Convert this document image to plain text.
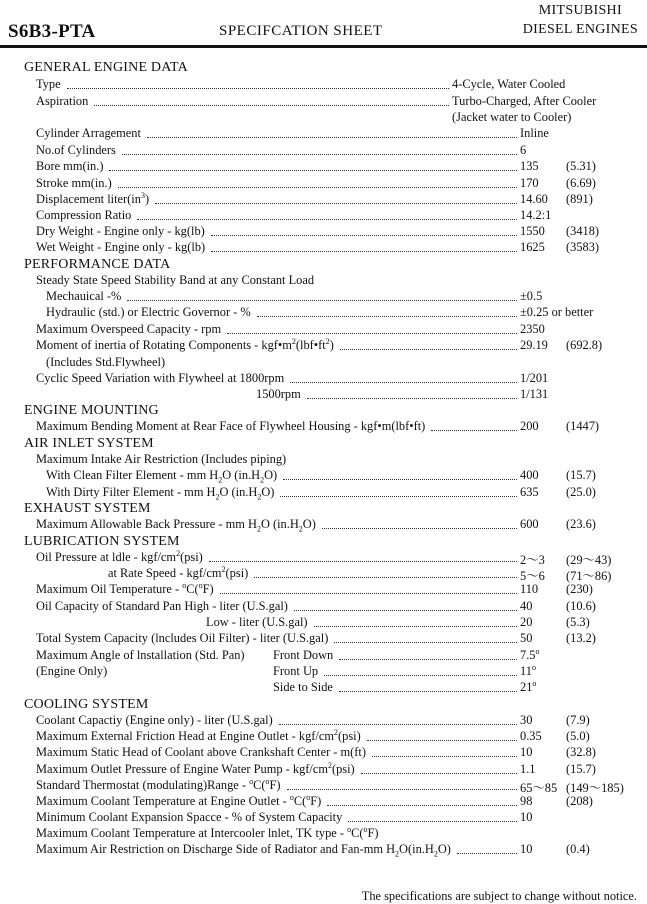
S6B3-PTA	SPECIFCATION SHEET
MITSUBISHI
DIESEL ENGINES
GENERAL ENGINE DATA
Type	4-Cycle, Water Cooled
Aspiration	Turbo-Charged, After Cooler
(Jacket water to Cooler)
Cylinder Arragement	Inline
No.of Cylinders	6
Bore mm(in.)	135 (5.31)
Stroke mm(in.)	170 (6.69)
Displacement $liter(in^3)$	14.60 (891)
Compression Ratio	14.2:1
Dry Weight - Engine only - kg(lb)	1550 (3418)
Wet Weight - Engine only - kg(lb)	1625 (3583)
PERFORMANCE DATA
Steady State Speed Stability Band at any Constant Load
Mechauical -%	±0.5
Hydraulic (std.) or Electric Governor - %	±0.25 or better
Maximum Overspeed Capacity - rpm	2350
Moment of inertia of Rotating Components - $kgf•m^2(lbf•ft^2)$	29.19 (692.8)
(Includes Std.Flywheel)
Cyclic Speed Variation with Flywheel at 1800rpm	1/201
1500rpm	1/131
ENGINE MOUNTING
Maximum Bending Moment at Rear Face of Flywheel Housing - kgf•m(lbf•ft)	200 (1447)
AIR INLET SYSTEM
Maximum Intake Air Restriction (Includes piping)
With Clean Filter Element - mm $H_2O$ $(in.H_2O)$	400 (15.7)
With Dirty Filter Element - mm $H_2O$ $(in.H_2O)$	635 (25.0)
EXHAUST SYSTEM
Maximum Allowable Back Pressure - mm $H_2O$ $(in.H_2O)$	600 (23.6)
LUBRICATION SYSTEM
Oil Pressure at ldle - kgf/$cm^2(psi)$	2～3 (29～43)
at Rate Speed - kgf/$cm^2(psi)$	5～6 (71～86)
Maximum Oil Temperature - $^o$C($^o$F)	110 (230)
Oil Capacity of Standard Pan High - liter (U.S.gal)	40	(10.6)
Low - liter (U.S.gal)	20	(5.3)
Total System Capacity (lncludes Oil Filter) - liter (U.S.gal)	50	(13.2)
Maximum Angle of lnstallation (Std. Pan) Front Down	7.5$^o$
(Engine Only)	Front Up	11$^o$
Side to Side	21$^o$
COOLING SYSTEM
Coolant Capactiy (Engine only) - liter (U.S.gal)	30	(7.9)
Maximum External Friction Head at Engine Outlet - kgf/$cm^2(psi)$	0.35 (5.0)
Maximum Static Head of Coolant above Crankshaft Center - m(ft)	10	(32.8)
Maximum Outlet Pressure of Engine Water Pump - kgf/$cm^2(psi)$	1.1 (15.7)
Standard Thermostat (modulating)Range - $^o$C($^o$F)	65～85 (149～185)
Maximum Coolant Temperature at Engine Outlet - $^o$C($^o$F)	98	(208)
Minimum Coolant Expansion Spacce - % of System Capacity	10
Maximum Coolant Temperature at Intercooler lnlet, TK type - $^o$C($^o$F)
Maximum Air Restriction on Discharge Side of Radiator and Fan-mm $H_2O(in.H_2O)$	10	(0.4)
The specifications are subject to change without notice.
